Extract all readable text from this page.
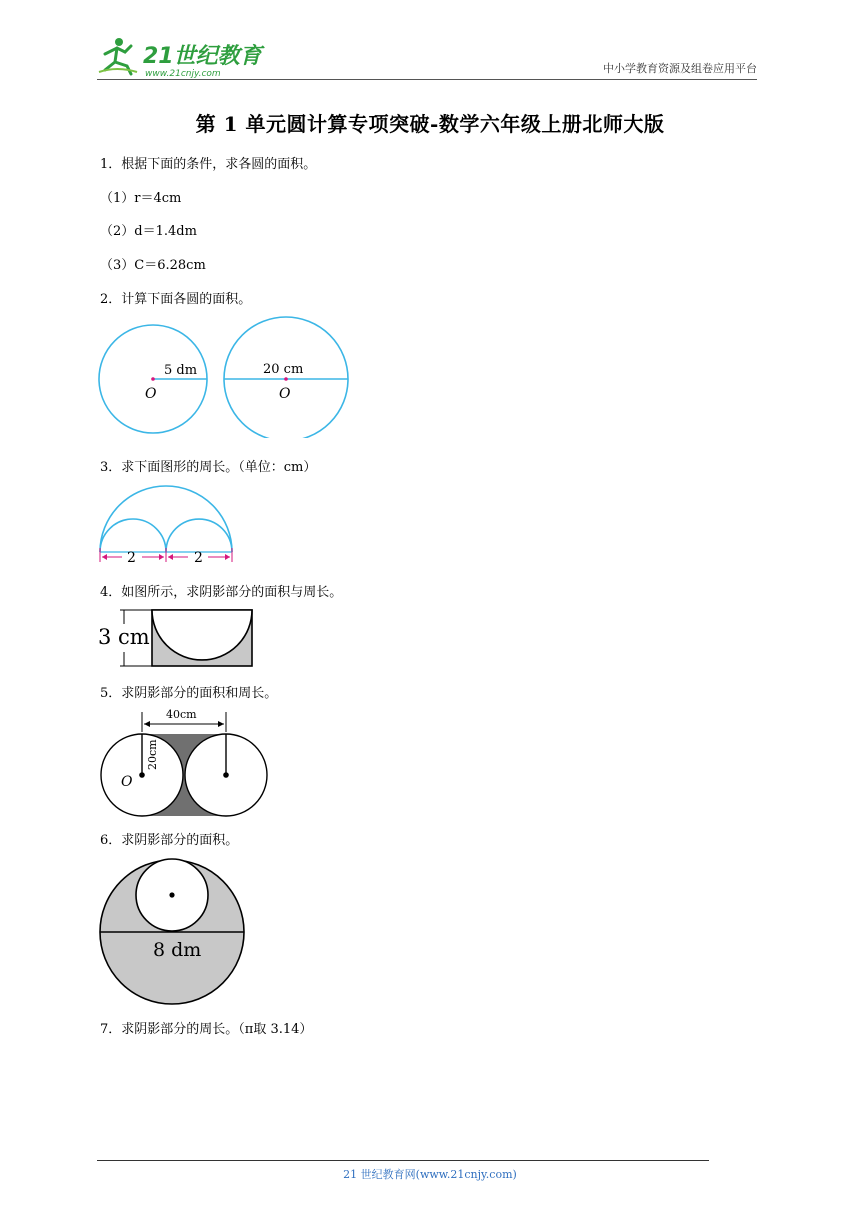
21世纪教育
www.21cnjy.com	中小学教育资源及组卷应用平台
第 1 单元圆计算专项突破-数学六年级上册北师大版
1．根据下面的条件，求各圆的面积。
（1）r＝4cm
（2）d＝1.4dm
（3）C＝6.28cm
2．计算下面各圆的面积。
5 dm
O
20 cm
O
3．求下面图形的周长。（单位：cm）
2	2
4．如图所示，求阴影部分的面积与周长。
3 cm
5．求阴影部分的面积和周长。
40cm
20cm
O
6．求阴影部分的面积。
8 dm
7．求阴影部分的周长。（π取 3.14）
21 世纪教育网(www.21cnjy.com)
